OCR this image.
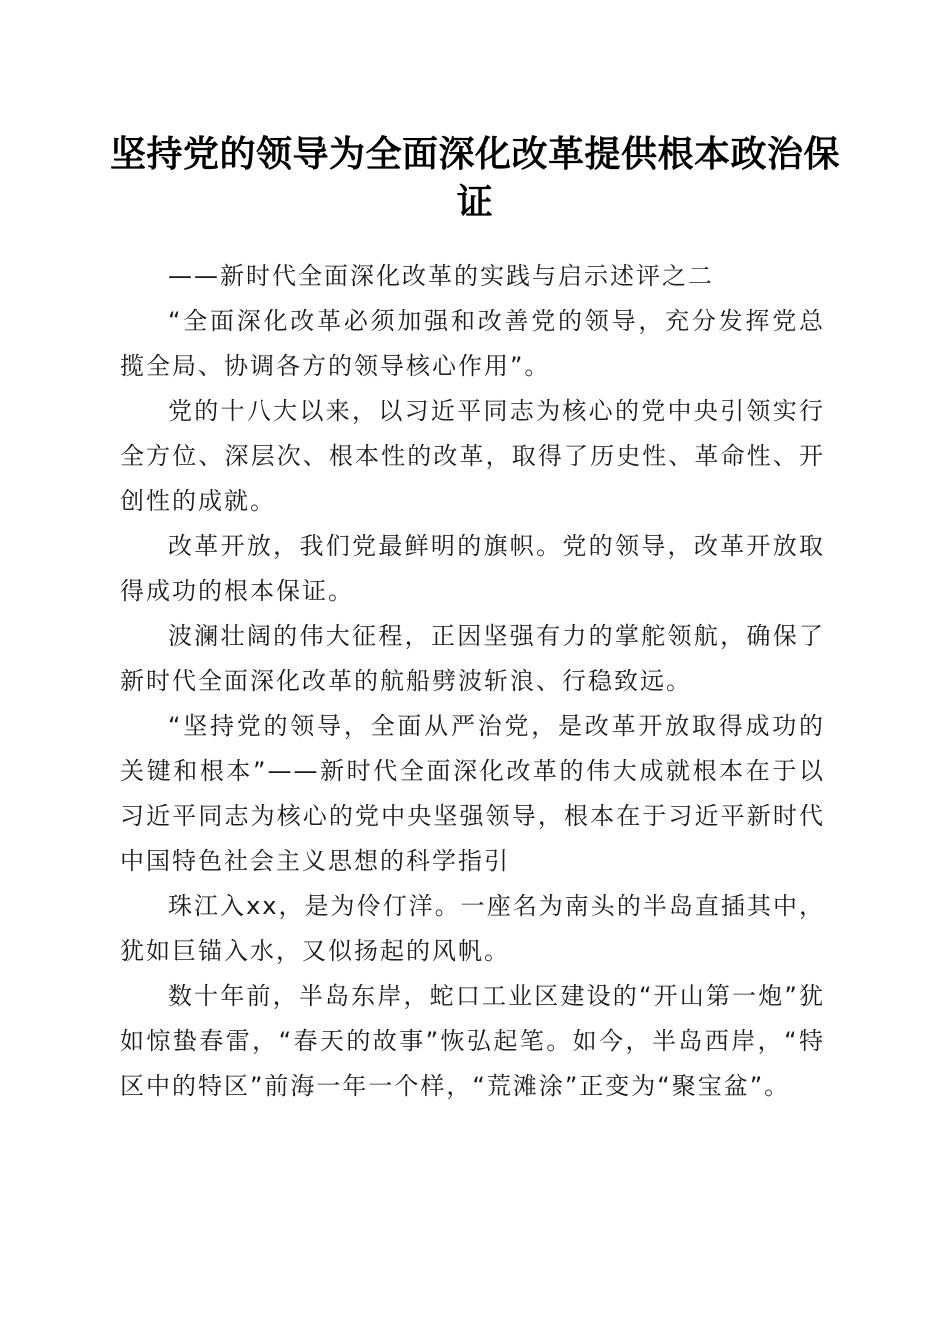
坚持党的领导为全面深化改革提供根本政治保证

——新时代全面深化改革的实践与启示述评之二

“全面深化改革必须加强和改善党的领导，充分发挥党总揽全局、协调各方的领导核心作用”。

党的十八大以来，以习近平同志为核心的党中央引领实行全方位、深层次、根本性的改革，取得了历史性、革命性、开创性的成就。

改革开放，我们党最鲜明的旗帜。党的领导，改革开放取得成功的根本保证。

波澜壮阔的伟大征程，正因坚强有力的掌舵领航，确保了新时代全面深化改革的航船劈波斩浪、行稳致远。

“坚持党的领导，全面从严治党，是改革开放取得成功的关键和根本”——新时代全面深化改革的伟大成就根本在于以习近平同志为核心的党中央坚强领导，根本在于习近平新时代中国特色社会主义思想的科学指引

珠江入xx，是为伶仃洋。一座名为南头的半岛直插其中，犹如巨锚入水，又似扬起的风帆。

数十年前，半岛东岸，蛇口工业区建设的“开山第一炮”犹如惊蛰春雷，“春天的故事”恢弘起笔。如今，半岛西岸，“特区中的特区”前海一年一个样，“荒滩涂”正变为“聚宝盆”。
